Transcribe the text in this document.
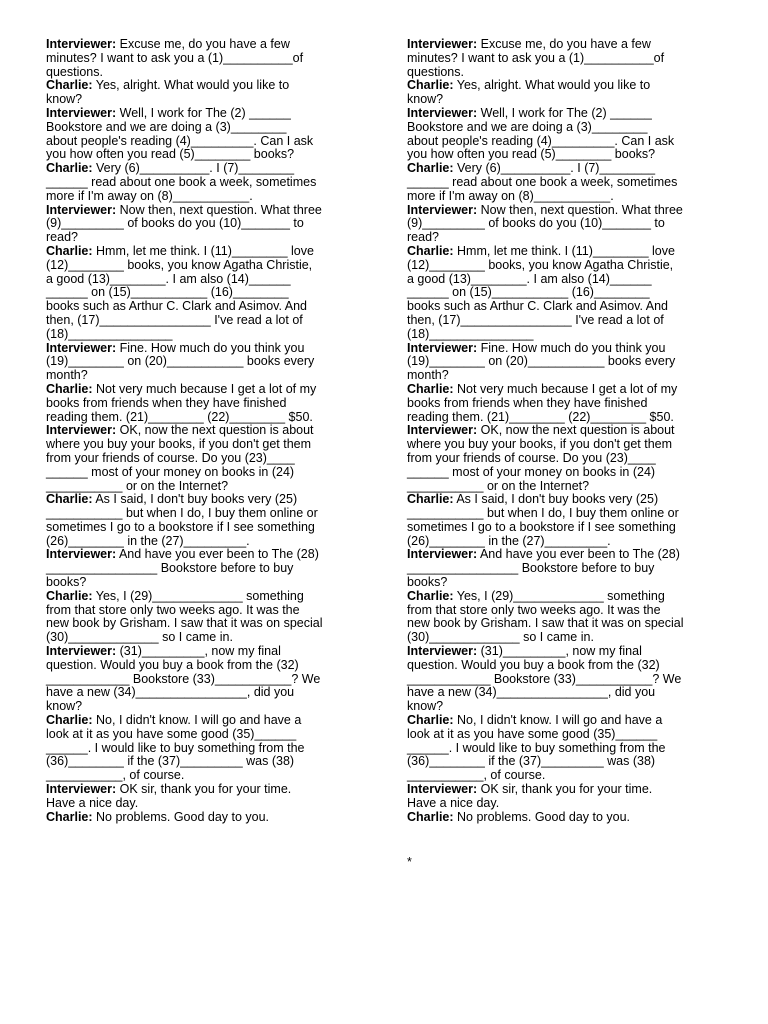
Interviewer: Excuse me, do you have a few
minutes? I want to ask you a (1)__________of
questions.
Charlie: Yes, alright. What would you like to
know?
Interviewer: Well, I work for The (2) ______
Bookstore and we are doing a (3)________
about people's reading (4)_________. Can I ask
you how often you read (5)________ books?
Charlie: Very (6)__________. I (7)________
______ read about one book a week, sometimes
more if I'm away on (8)___________.
Interviewer: Now then, next question. What three
(9)_________ of books do you (10)_______ to
read?
Charlie: Hmm, let me think. I (11)________ love
(12)________ books, you know Agatha Christie,
a good (13)________. I am also (14)______
______ on (15)___________ (16)________
books such as Arthur C. Clark and Asimov. And
then, (17)________________ I've read a lot of
(18)_______________
Interviewer: Fine. How much do you think you
(19)________ on (20)___________ books every
month?
Charlie: Not very much because I get a lot of my
books from friends when they have finished
reading them. (21)________ (22)________ $50.
Interviewer: OK, now the next question is about
where you buy your books, if you don't get them
from your friends of course. Do you (23)____
______ most of your money on books in (24)
___________ or on the Internet?
Charlie: As I said, I don't buy books very (25)
___________ but when I do, I buy them online or
sometimes I go to a bookstore if I see something
(26)________ in the (27)_________.
Interviewer: And have you ever been to The (28)
________________ Bookstore before to buy
books?
Charlie: Yes, I (29)_____________ something
from that store only two weeks ago. It was the
new book by Grisham. I saw that it was on special
(30)_____________ so I came in.
Interviewer: (31)_________, now my final
question. Would you buy a book from the (32)
____________ Bookstore (33)___________? We
have a new (34)________________, did you
know?
Charlie: No, I didn't know. I will go and have a
look at it as you have some good (35)______
______. I would like to buy something from the
(36)________ if the (37)_________ was (38)
___________, of course.
Interviewer: OK sir, thank you for your time.
Have a nice day.
Charlie: No problems. Good day to you.
Interviewer: Excuse me, do you have a few
minutes? I want to ask you a (1)__________of
questions.
Charlie: Yes, alright. What would you like to
know?
Interviewer: Well, I work for The (2) ______
Bookstore and we are doing a (3)________
about people's reading (4)_________. Can I ask
you how often you read (5)________ books?
Charlie: Very (6)__________. I (7)________
______ read about one book a week, sometimes
more if I'm away on (8)___________.
Interviewer: Now then, next question. What three
(9)_________ of books do you (10)_______ to
read?
Charlie: Hmm, let me think. I (11)________ love
(12)________ books, you know Agatha Christie,
a good (13)________. I am also (14)______
______ on (15)___________ (16)________
books such as Arthur C. Clark and Asimov. And
then, (17)________________ I've read a lot of
(18)_______________
Interviewer: Fine. How much do you think you
(19)________ on (20)___________ books every
month?
Charlie: Not very much because I get a lot of my
books from friends when they have finished
reading them. (21)________ (22)________ $50.
Interviewer: OK, now the next question is about
where you buy your books, if you don't get them
from your friends of course. Do you (23)____
______ most of your money on books in (24)
___________ or on the Internet?
Charlie: As I said, I don't buy books very (25)
___________ but when I do, I buy them online or
sometimes I go to a bookstore if I see something
(26)________ in the (27)_________.
Interviewer: And have you ever been to The (28)
________________ Bookstore before to buy
books?
Charlie: Yes, I (29)_____________ something
from that store only two weeks ago. It was the
new book by Grisham. I saw that it was on special
(30)_____________ so I came in.
Interviewer: (31)_________, now my final
question. Would you buy a book from the (32)
____________ Bookstore (33)___________? We
have a new (34)________________, did you
know?
Charlie: No, I didn't know. I will go and have a
look at it as you have some good (35)______
______. I would like to buy something from the
(36)________ if the (37)_________ was (38)
___________, of course.
Interviewer: OK sir, thank you for your time.
Have a nice day.
Charlie: No problems. Good day to you.
*
